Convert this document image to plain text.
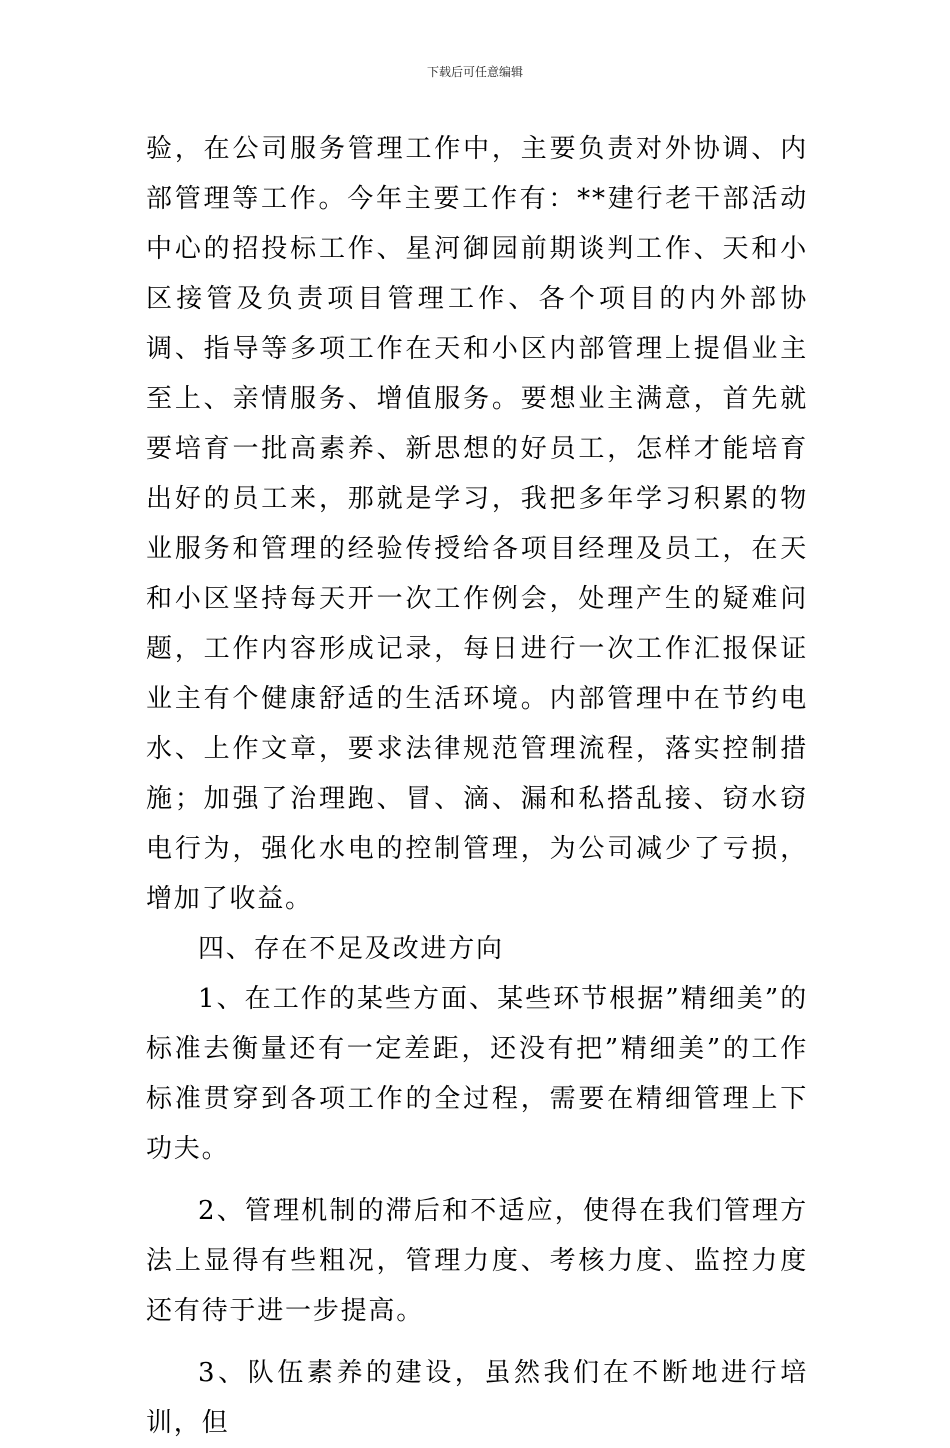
下载后可任意编辑

验，在公司服务管理工作中，主要负责对外协调、内部管理等工作。今年主要工作有：**建行老干部活动中心的招投标工作、星河御园前期谈判工作、天和小区接管及负责项目管理工作、各个项目的内外部协调、指导等多项工作在天和小区内部管理上提倡业主至上、亲情服务、增值服务。要想业主满意，首先就要培育一批高素养、新思想的好员工，怎样才能培育出好的员工来，那就是学习，我把多年学习积累的物业服务和管理的经验传授给各项目经理及员工，在天和小区坚持每天开一次工作例会，处理产生的疑难问题，工作内容形成记录，每日进行一次工作汇报保证业主有个健康舒适的生活环境。内部管理中在节约电水、上作文章，要求法律规范管理流程，落实控制措施；加强了治理跑、冒、滴、漏和私搭乱接、窃水窃电行为，强化水电的控制管理，为公司减少了亏损，增加了收益。

四、存在不足及改进方向

1、在工作的某些方面、某些环节根据”精细美”的标准去衡量还有一定差距，还没有把”精细美”的工作标准贯穿到各项工作的全过程，需要在精细管理上下功夫。

2、管理机制的滞后和不适应，使得在我们管理方法上显得有些粗况，管理力度、考核力度、监控力度还有待于进一步提高。

3、队伍素养的建设，虽然我们在不断地进行培训，但
